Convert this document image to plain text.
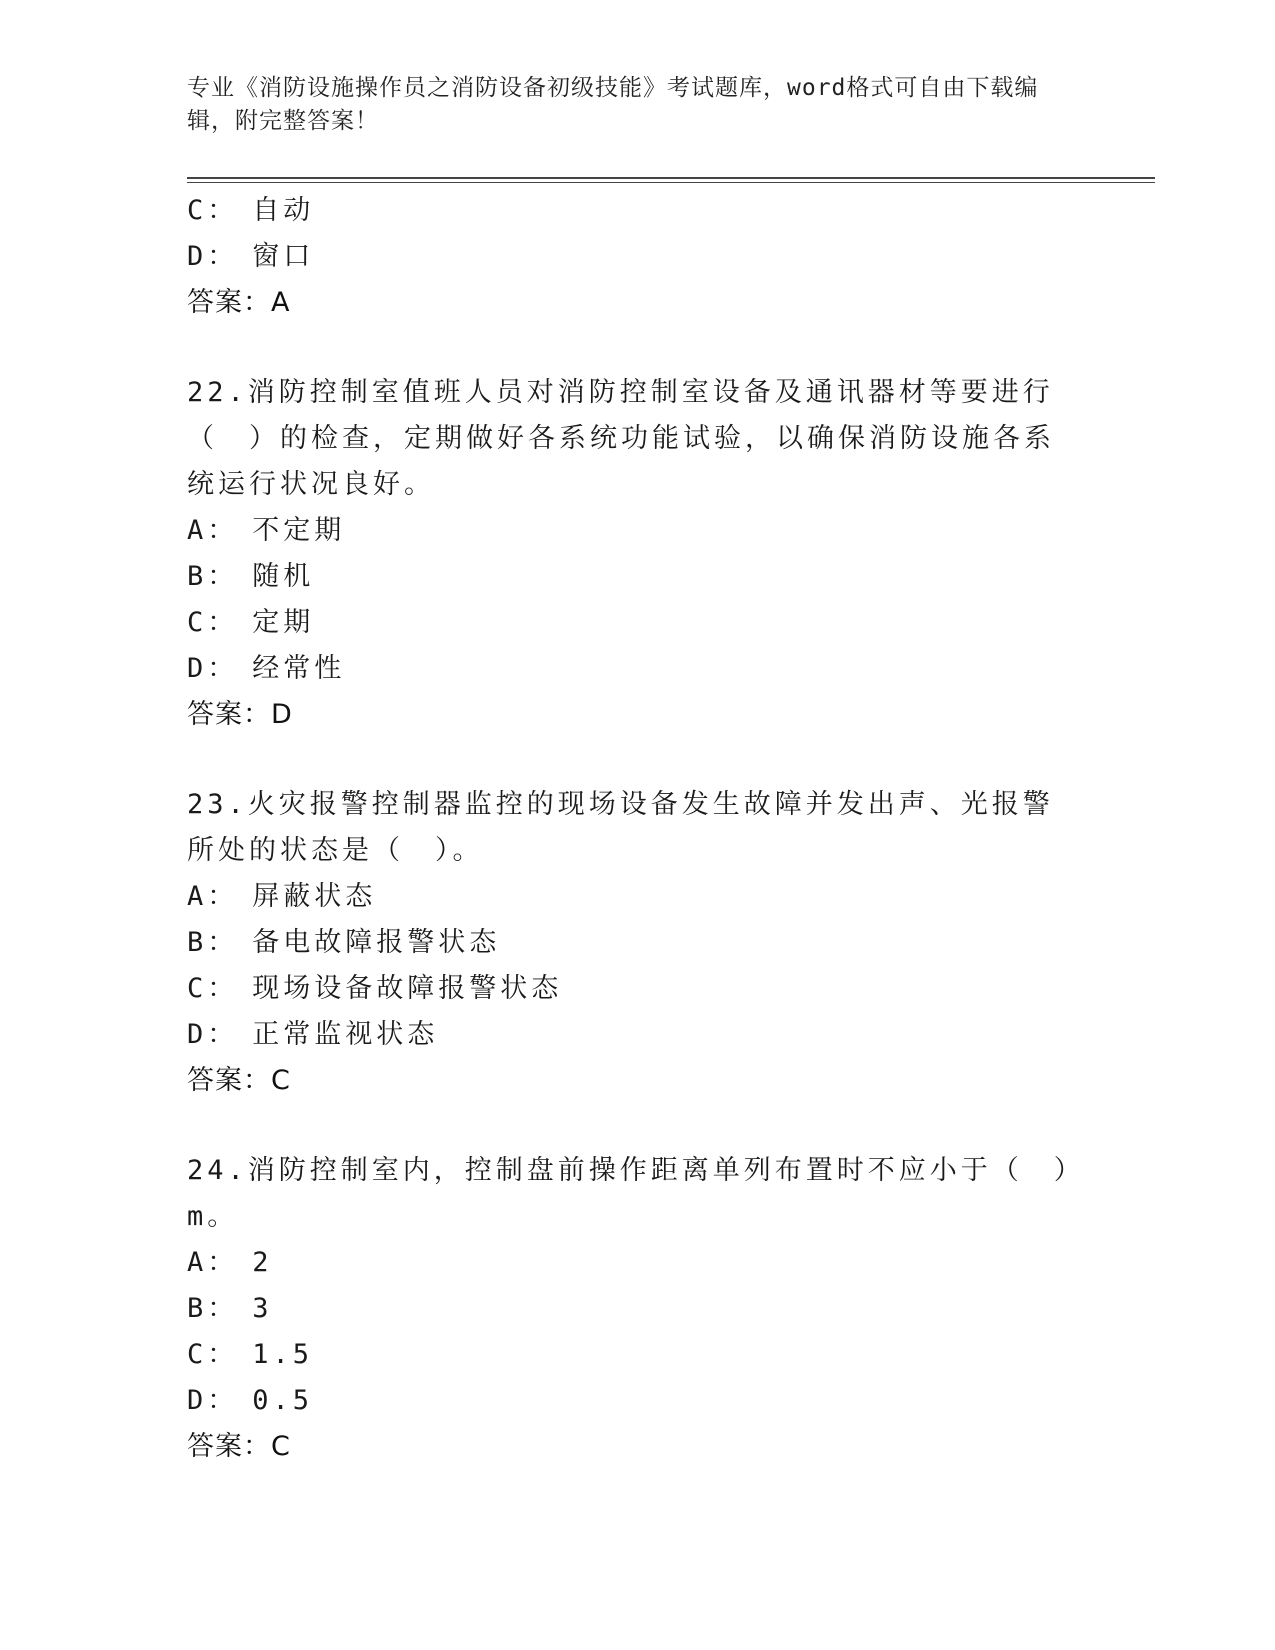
专业《消防设施操作员之消防设备初级技能》考试题库，word格式可自由下载编辑，附完整答案！
C： 自动
D： 窗口
答案：A
22.消防控制室值班人员对消防控制室设备及通讯器材等要进行（　）的检查，定期做好各系统功能试验，以确保消防设施各系统运行状况良好。
A： 不定期
B： 随机
C： 定期
D： 经常性
答案：D
23.火灾报警控制器监控的现场设备发生故障并发出声、光报警所处的状态是（　）。
A： 屏蔽状态
B： 备电故障报警状态
C： 现场设备故障报警状态
D： 正常监视状态
答案：C
24.消防控制室内，控制盘前操作距离单列布置时不应小于（　）m。
A： 2
B： 3
C： 1.5
D： 0.5
答案：C
